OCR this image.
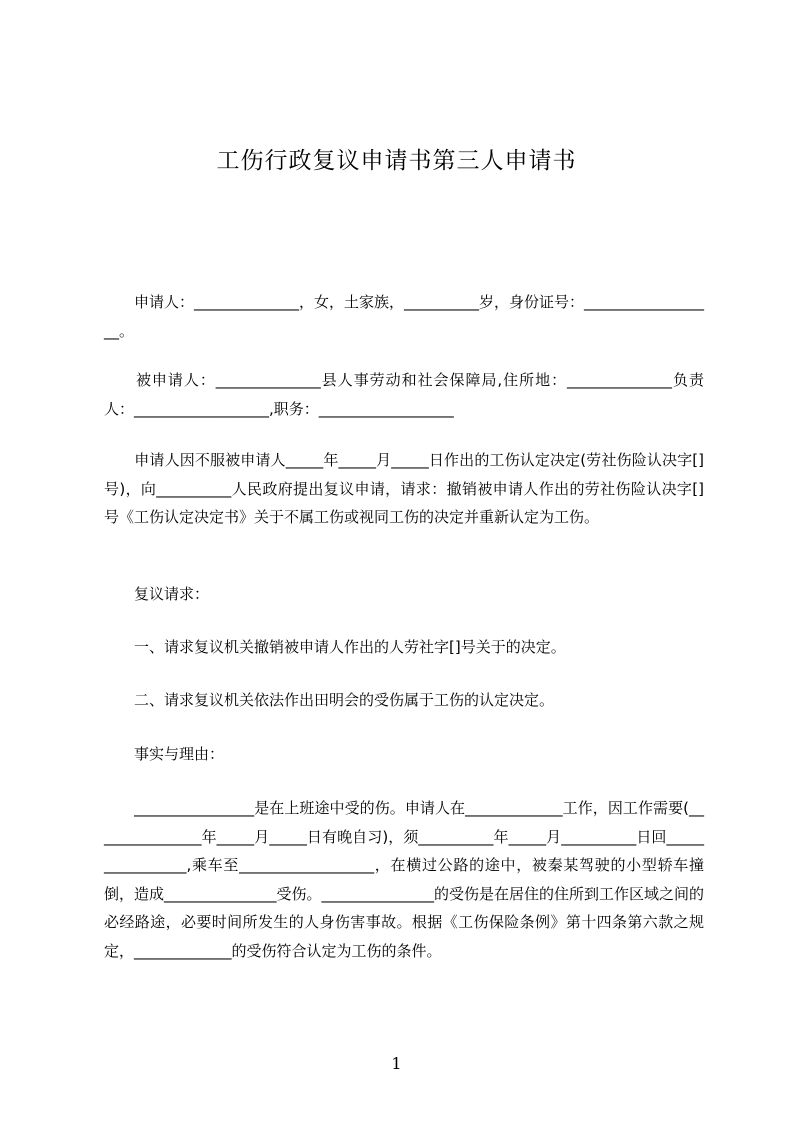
工伤行政复议申请书第三人申请书
　　申请人：______________，女，土家族，__________岁，身份证号：__________________。
　　被申请人：______________县人事劳动和社会保障局,住所地：______________负责人：__________________,职务：__________________
　　申请人因不服被申请人_____年_____月_____日作出的工伤认定决定(劳社伤险认决字[]号)，向__________人民政府提出复议申请，请求：撤销被申请人作出的劳社伤险认决字[]号《工伤认定决定书》关于不属工伤或视同工伤的决定并重新认定为工伤。
　　复议请求：
　　一、请求复议机关撤销被申请人作出的人劳社字[]号关于的决定。
　　二、请求复议机关依法作出田明会的受伤属于工伤的认定决定。
　　事实与理由：
　　________________是在上班途中受的伤。申请人在_____________工作，因工作需要(_______________年_____月_____日有晚自习)，须__________年_____月__________日回________________,乘车至__________________，在横过公路的途中，被秦某驾驶的小型轿车撞倒，造成_______________受伤。_______________的受伤是在居住的住所到工作区域之间的必经路途，必要时间所发生的人身伤害事故。根据《工伤保险条例》第十四条第六款之规定，_____________的受伤符合认定为工伤的条件。
1
